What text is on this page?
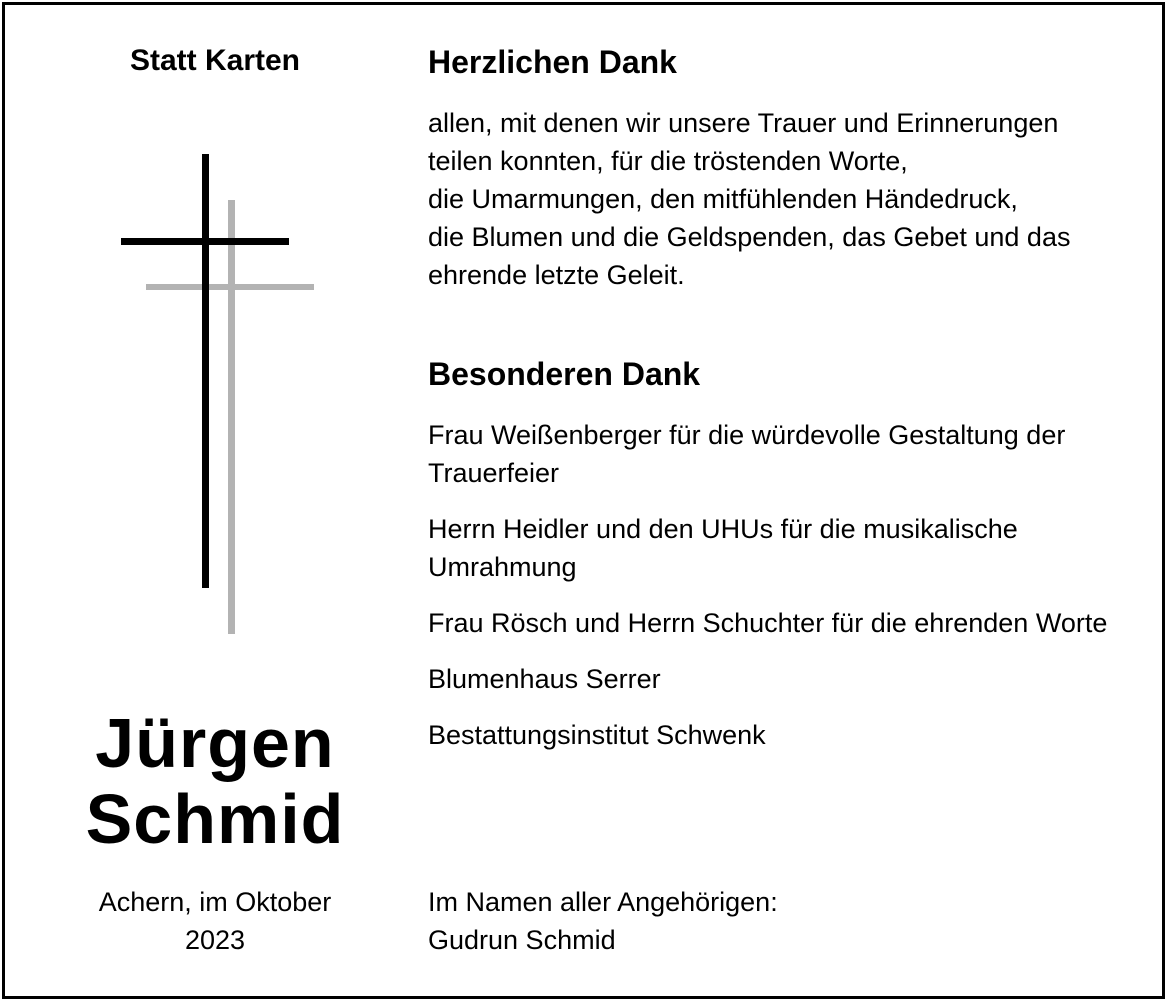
Statt Karten
Jürgen
Schmid
Achern, im Oktober
2023
Herzlichen Dank
allen, mit denen wir unsere Trauer und Erinnerungen
teilen konnten, für die tröstenden Worte,
die Umarmungen, den mitfühlenden Händedruck,
die Blumen und die Geldspenden, das Gebet und das
ehrende letzte Geleit.
Besonderen Dank
Frau Weißenberger für die würdevolle Gestaltung der Trauerfeier
Herrn Heidler und den UHUs für die musikalische Umrahmung
Frau Rösch und Herrn Schuchter für die ehrenden Worte
Blumenhaus Serrer
Bestattungsinstitut Schwenk
Im Namen aller Angehörigen:
Gudrun Schmid
